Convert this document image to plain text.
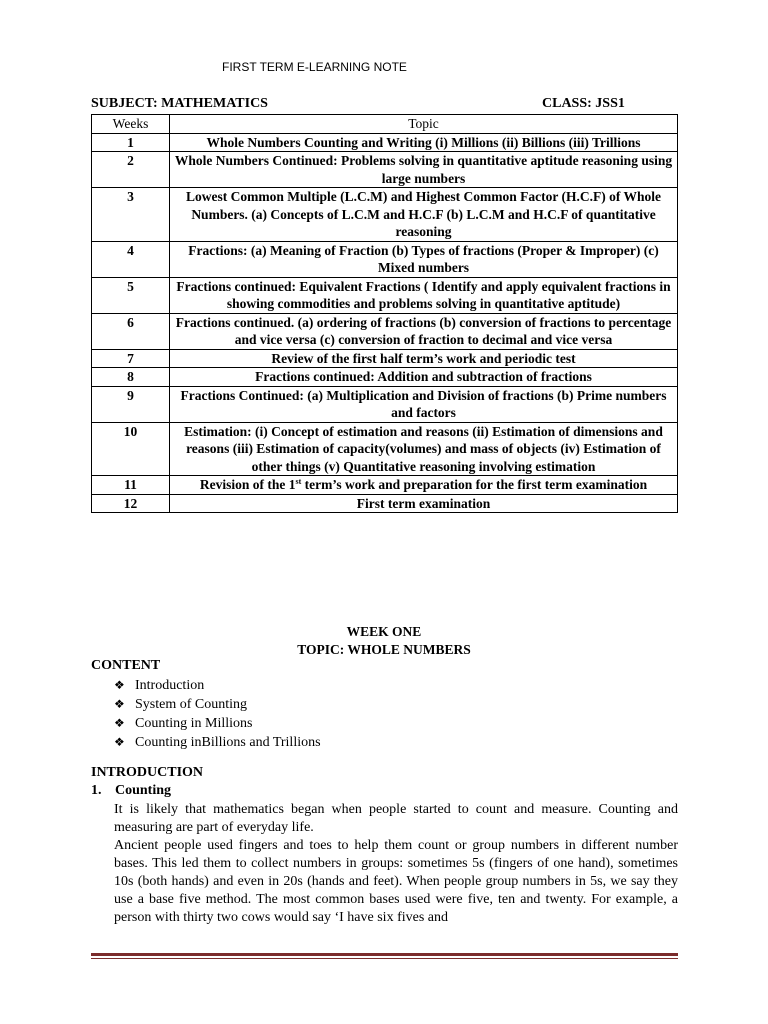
FIRST TERM E-LEARNING NOTE
SUBJECT: MATHEMATICS	CLASS: JSS1
Weeks	Topic
1	Whole Numbers Counting and Writing (i) Millions (ii) Billions (iii) Trillions
2	Whole Numbers Continued: Problems solving in quantitative aptitude reasoning using large numbers
3	Lowest Common Multiple (L.C.M) and Highest Common Factor (H.C.F) of Whole Numbers. (a) Concepts of L.C.M and H.C.F (b) L.C.M and H.C.F of quantitative reasoning
4	Fractions: (a) Meaning of Fraction (b) Types of fractions (Proper & Improper) (c) Mixed numbers
5	Fractions continued: Equivalent Fractions ( Identify and apply equivalent fractions in showing commodities and problems solving in quantitative aptitude)
6	Fractions continued. (a) ordering of fractions (b) conversion of fractions to percentage and vice versa (c) conversion of fraction to decimal and vice versa
7	Review of the first half term’s work and periodic test
8	Fractions continued: Addition and subtraction of fractions
9	Fractions Continued: (a) Multiplication and Division of fractions (b) Prime numbers and factors
10	Estimation: (i) Concept of estimation and reasons (ii) Estimation of dimensions and reasons (iii) Estimation of capacity(volumes) and mass of objects (iv) Estimation of other things (v) Quantitative reasoning involving estimation
11	Revision of the 1st term’s work and preparation for the first term examination
12	First term examination
WEEK ONE
TOPIC: WHOLE NUMBERS
CONTENT
❖ Introduction
❖ System of Counting
❖ Counting in Millions
❖ Counting inBillions and Trillions
INTRODUCTION
1. Counting

It is likely that mathematics began when people started to count and measure. Counting and measuring are part of everyday life.

Ancient people used fingers and toes to help them count or group numbers in different number bases. This led them to collect numbers in groups: sometimes 5s (fingers of one hand), sometimes 10s (both hands) and even in 20s (hands and feet). When people group numbers in 5s, we say they use a base five method. The most common bases used were five, ten and twenty. For example, a person with thirty two cows would say ‘I have six fives and
